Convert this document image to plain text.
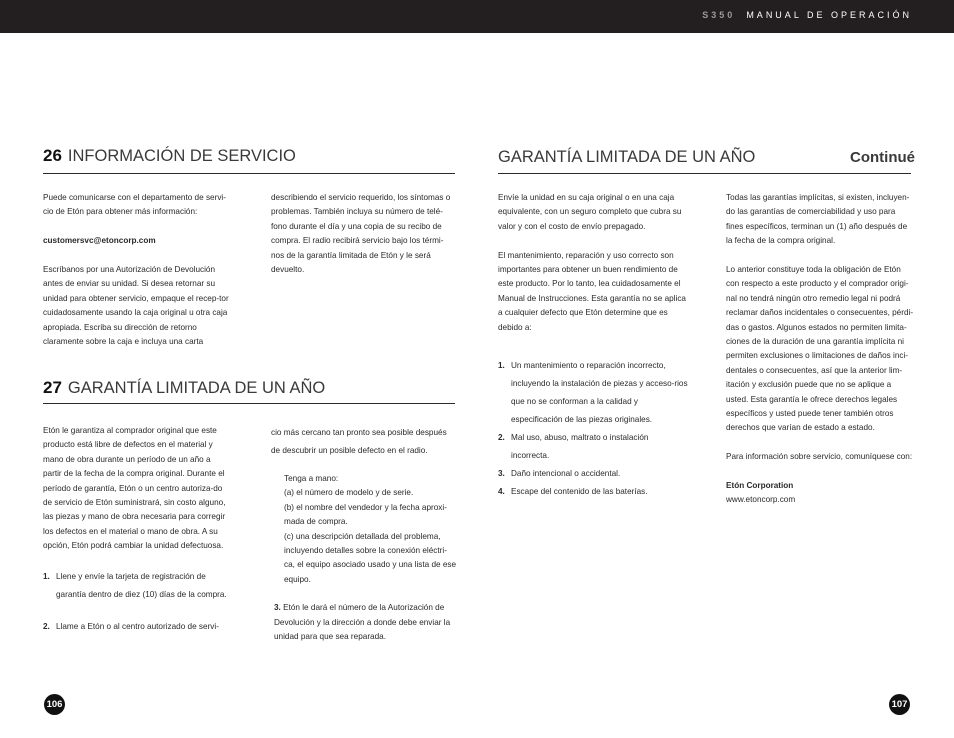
S350 MANUAL DE OPERACIÓN
26 INFORMACIÓN DE SERVICIO

Puede comunicarse con el departamento de servi-cio de Etón para obtener más información:

customersvc@etoncorp.com

Escríbanos por una Autorización de Devolución antes de enviar su unidad. Si desea retornar su unidad para obtener servicio, empaque el recep-tor cuidadosamente usando la caja original u otra caja apropiada. Escriba su dirección de retorno claramente sobre la caja e incluya una carta

describiendo el servicio requerido, los síntomas o problemas. También incluya su número de telé-fono durante el día y una copia de su recibo de compra. El radio recibirá servicio bajo los térmi-nos de la garantía limitada de Etón y le será devuelto.

27 GARANTÍA LIMITADA DE UN AÑO

Etón le garantiza al comprador original que este producto está libre de defectos en el material y mano de obra durante un período de un año a partir de la fecha de la compra original. Durante el período de garantía, Etón o un centro autoriza-do de servicio de Etón suministrará, sin costo alguno, las piezas y mano de obra necesaria para corregir los defectos en el material o mano de obra. A su opción, Etón podrá cambiar la unidad defectuosa.

1. Llene y envíe la tarjeta de registración de garantía dentro de diez (10) días de la compra.
2. Llame a Etón o al centro autorizado de servi-

cio más cercano tan pronto sea posible después de descubrir un posible defecto en el radio.

Tenga a mano:
(a) el número de modelo y de serie.
(b) el nombre del vendedor y la fecha aproxi-mada de compra.
(c) una descripción detallada del problema, incluyendo detalles sobre la conexión eléctri-ca, el equipo asociado usado y una lista de ese equipo.
3. Etón le dará el número de la Autorización de Devolución y la dirección a donde debe enviar la unidad para que sea reparada.
106
GARANTÍA LIMITADA DE UN AÑO	Continué

Envíe la unidad en su caja original o en una caja equivalente, con un seguro completo que cubra su valor y con el costo de envío prepagado.

El mantenimiento, reparación y uso correcto son importantes para obtener un buen rendimiento de este producto. Por lo tanto, lea cuidadosamente el Manual de Instrucciones. Esta garantía no se aplica a cualquier defecto que Etón determine que es debido a:

1. Un mantenimiento o reparación incorrecto, incluyendo la instalación de piezas y acceso-rios que no se conforman a la calidad y especificación de las piezas originales.
2. Mal uso, abuso, maltrato o instalación incorrecta.
3. Daño intencional o accidental.
4. Escape del contenido de las baterías.

Todas las garantías implícitas, si existen, incluyen-do las garantías de comerciabilidad y uso para fines específicos, terminan un (1) año después de la fecha de la compra original.

Lo anterior constituye toda la obligación de Etón con respecto a este producto y el comprador origi-nal no tendrá ningún otro remedio legal ni podrá reclamar daños incidentales o consecuentes, pérdi-das o gastos. Algunos estados no permiten limita-ciones de la duración de una garantía implícita ni permiten exclusiones o limitaciones de daños inci-dentales o consecuentes, así que la anterior lim-itación y exclusión puede que no se aplique a usted. Esta garantía le ofrece derechos legales específicos y usted puede tener también otros derechos que varían de estado a estado.

Para información sobre servicio, comuníquese con:

Etón Corporation
www.etoncorp.com
107
